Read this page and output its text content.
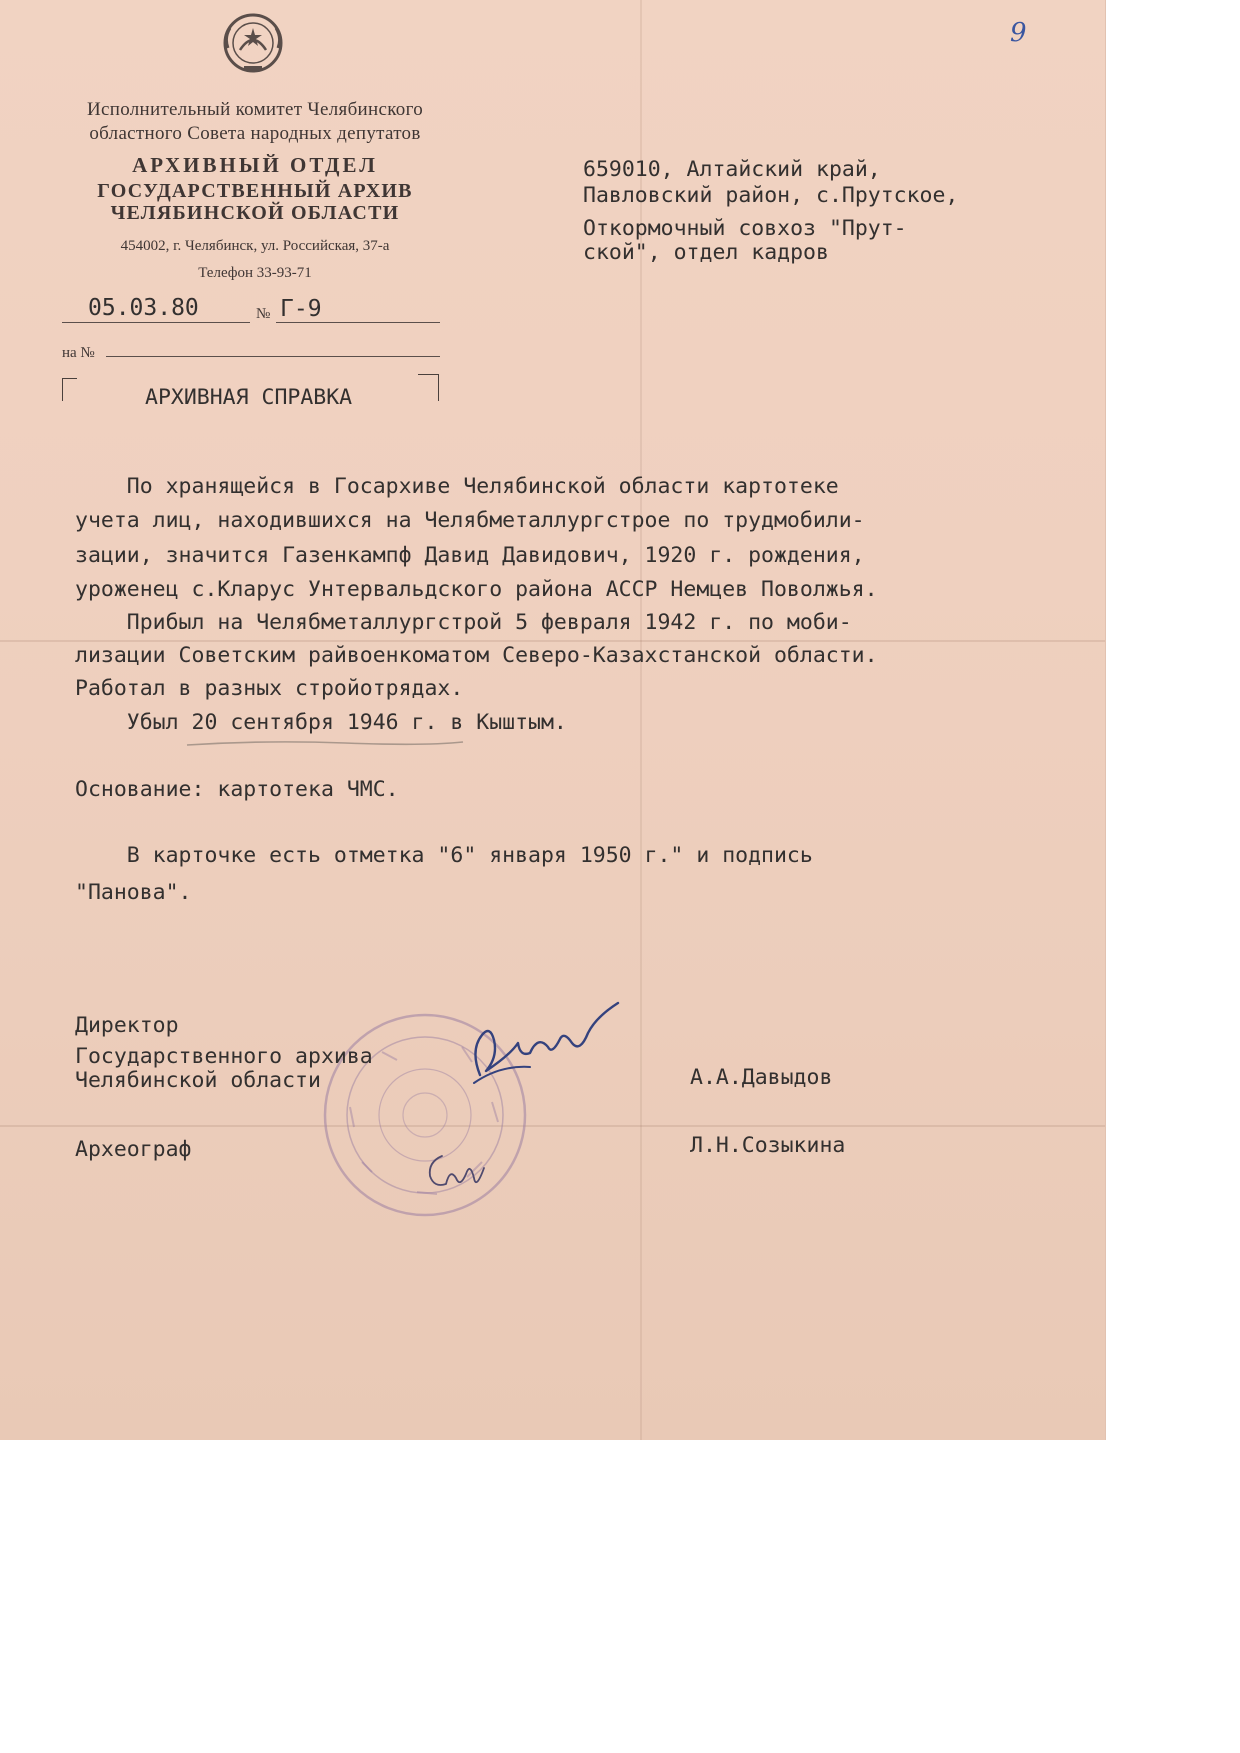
9
Исполнительный комитет Челябинского
областного Совета народных депутатов
АРХИВНЫЙ ОТДЕЛ
ГОСУДАРСТВЕННЫЙ АРХИВ
ЧЕЛЯБИНСКОЙ ОБЛАСТИ
454002, г. Челябинск, ул. Российская, 37-а
Телефон 33-93-71
05.03.80	№ Г-9
на №
659010, Алтайский край,
Павловский район, с.Прутское,
Откормочный совхоз "Прут-
ской", отдел кадров
АРХИВНАЯ СПРАВКА
По хранящейся в Госархиве Челябинской области картотеке
учета лиц, находившихся на Челябметаллургстрое по трудмобили-
зации, значится Газенкампф Давид Давидович, 1920 г. рождения,
уроженец с.Кларус Унтервальдского района АССР Немцев Поволжья.
Прибыл на Челябметаллургстрой 5 февраля 1942 г. по моби-
лизации Советским райвоенкоматом Северо-Казахстанской области.
Работал в разных стройотрядах.
Убыл 20 сентября 1946 г. в Кыштым.
Основание: картотека ЧМС.
В карточке есть отметка "6" января 1950 г." и подпись
"Панова".
Директор
Государственного архива
Челябинской области	А.А.Давыдов
Археограф	Л.Н.Созыкина
